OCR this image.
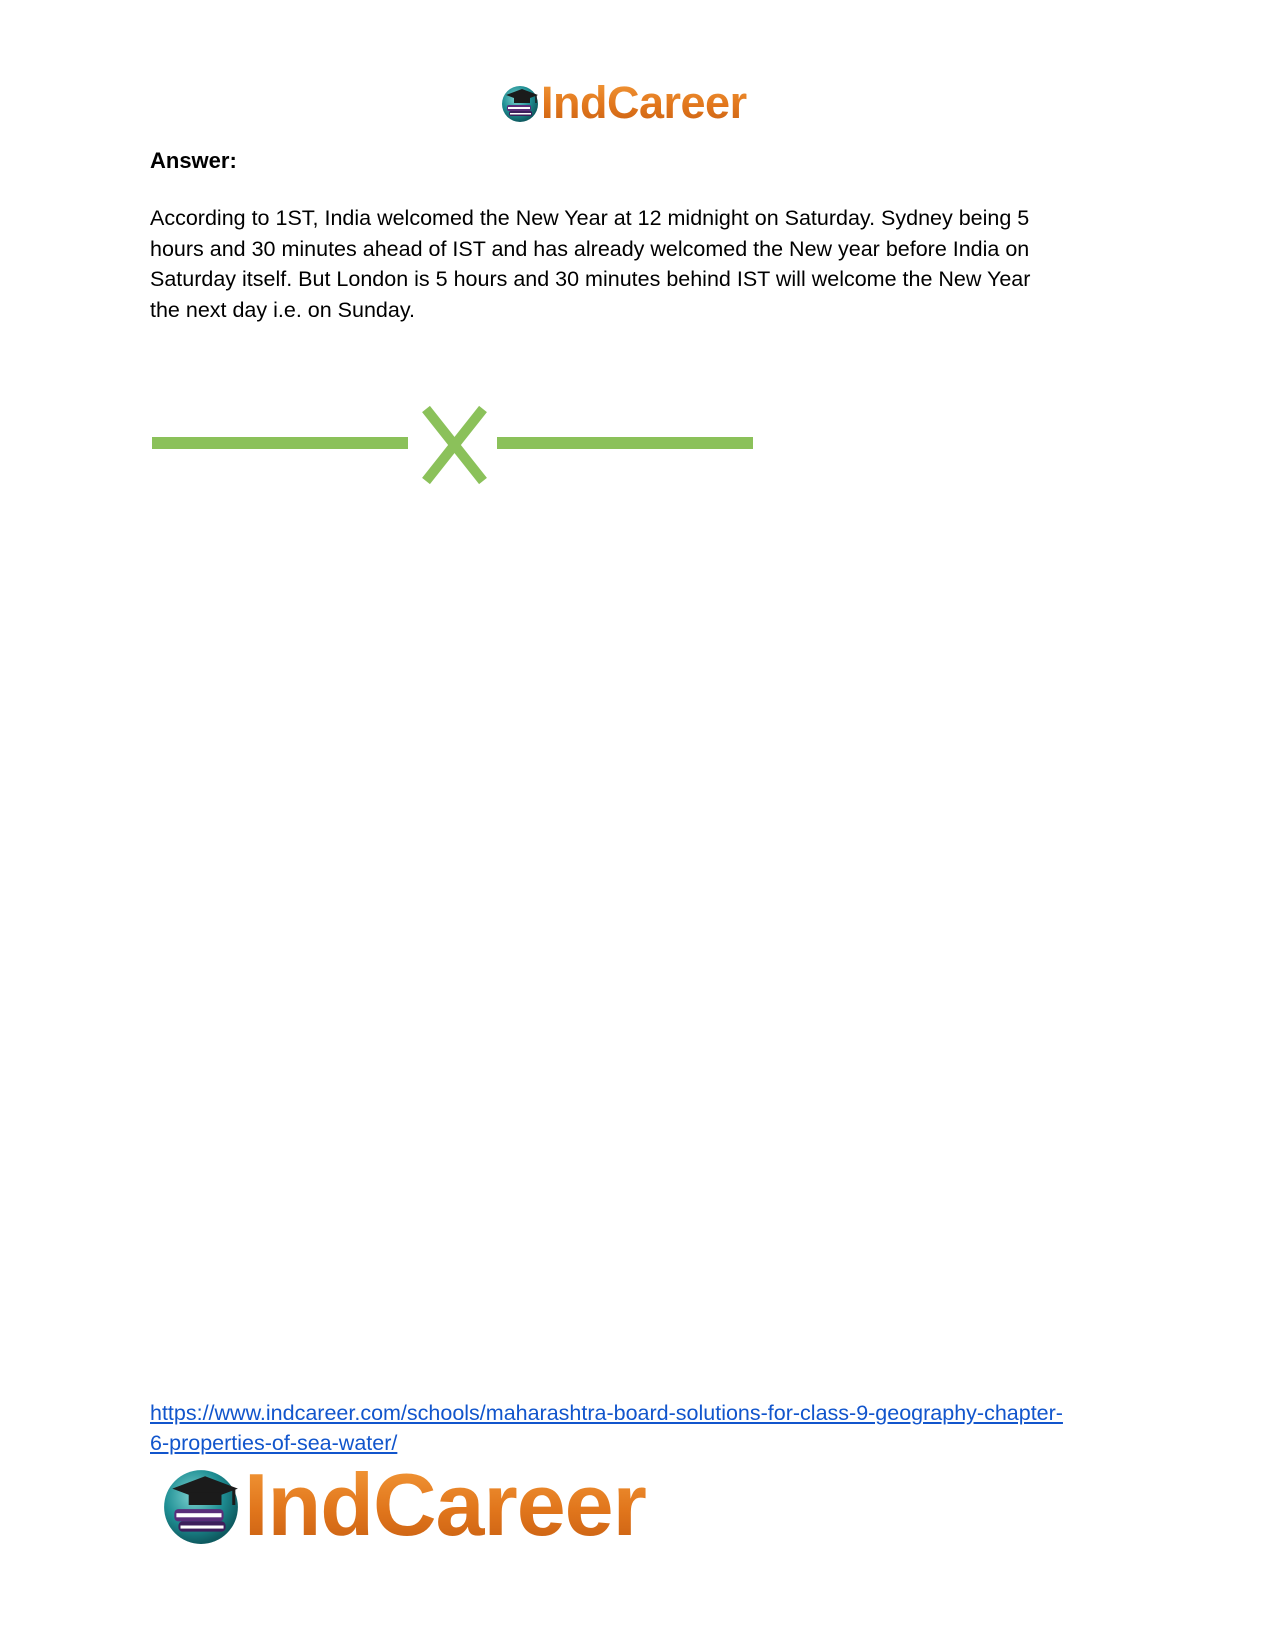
IndCareer
Answer:

According to 1ST, India welcomed the New Year at 12 midnight on Saturday. Sydney being 5
hours and 30 minutes ahead of IST and has already welcomed the New year before India on
Saturday itself. But London is 5 hours and 30 minutes behind IST will welcome the New Year
the next day i.e. on Sunday.

https://www.indcareer.com/schools/maharashtra-board-solutions-for-class-9-geography-chapter-
6-properties-of-sea-water/

IndCareer
